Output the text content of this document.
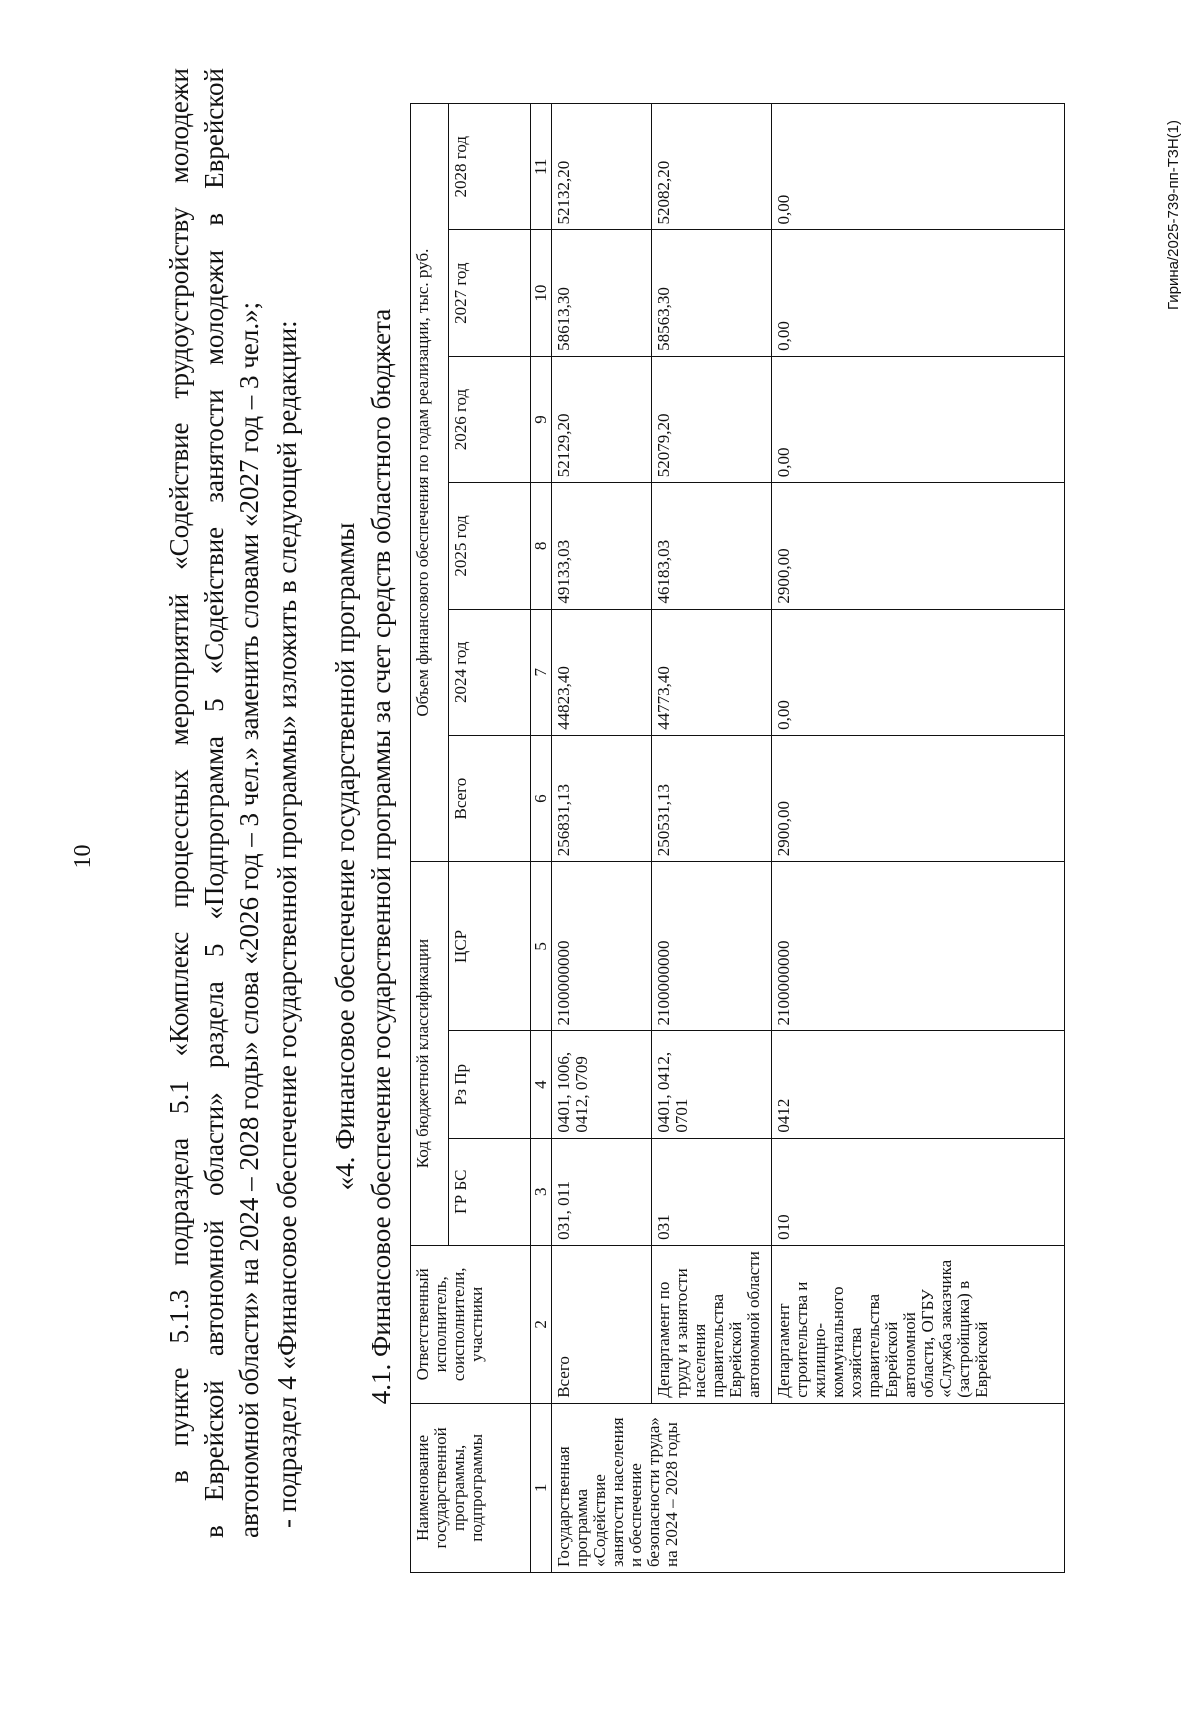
10	в пункте 5.1.3 подраздела 5.1 «Комплекс процессных мероприятий «Содействие трудоустройству молодежи в Еврейской автономной области» раздела 5 «Подпрограмма 5 «Содействие занятости молодежи в Еврейской автономной области» на 2024 – 2028 годы» слова «2026 год – 3 чел.» заменить словами «2027 год – 3 чел.»; - подраздел 4 «Финансовое обеспечение государственной программы» изложить в следующей редакции: «4. Финансовое обеспечение государственной программы 4.1. Финансовое обеспечение государственной программы за счет средств областного бюджета
Наименование государственной программы, подпрограммы	Ответственный исполнитель, соисполнители, участники	Код бюджетной классификации			Объем финансового обеспечения по годам реализации, тыс. руб.					
		ГР БС	Рз Пр	ЦСР	Всего	2024 год	2025 год	2026 год	2027 год	2028 год
1	2	3	4	5	6	7	8	9	10	11
Государственная программа «Содействие занятости населения и обеспечение безопасности труда» на 2024 – 2028 годы	Всего	031, 011	0401, 1006, 0412, 0709	2100000000	256831,13	44823,40	49133,03	52129,20	58613,30	52132,20
	Департамент по труду и занятости населения правительства Еврейской автономной области	031	0401, 0412, 0701	2100000000	250531,13	44773,40	46183,03	52079,20	58563,30	52082,20
	Департамент строительства и жилищно-коммунального хозяйства правительства Еврейской автономной области, ОГБУ «Служба заказчика (застройщика) в Еврейской	010	0412	2100000000	2900,00	0,00	2900,00	0,00	0,00	0,00	Гирина/2025-739-пп-ТЗН(1)
